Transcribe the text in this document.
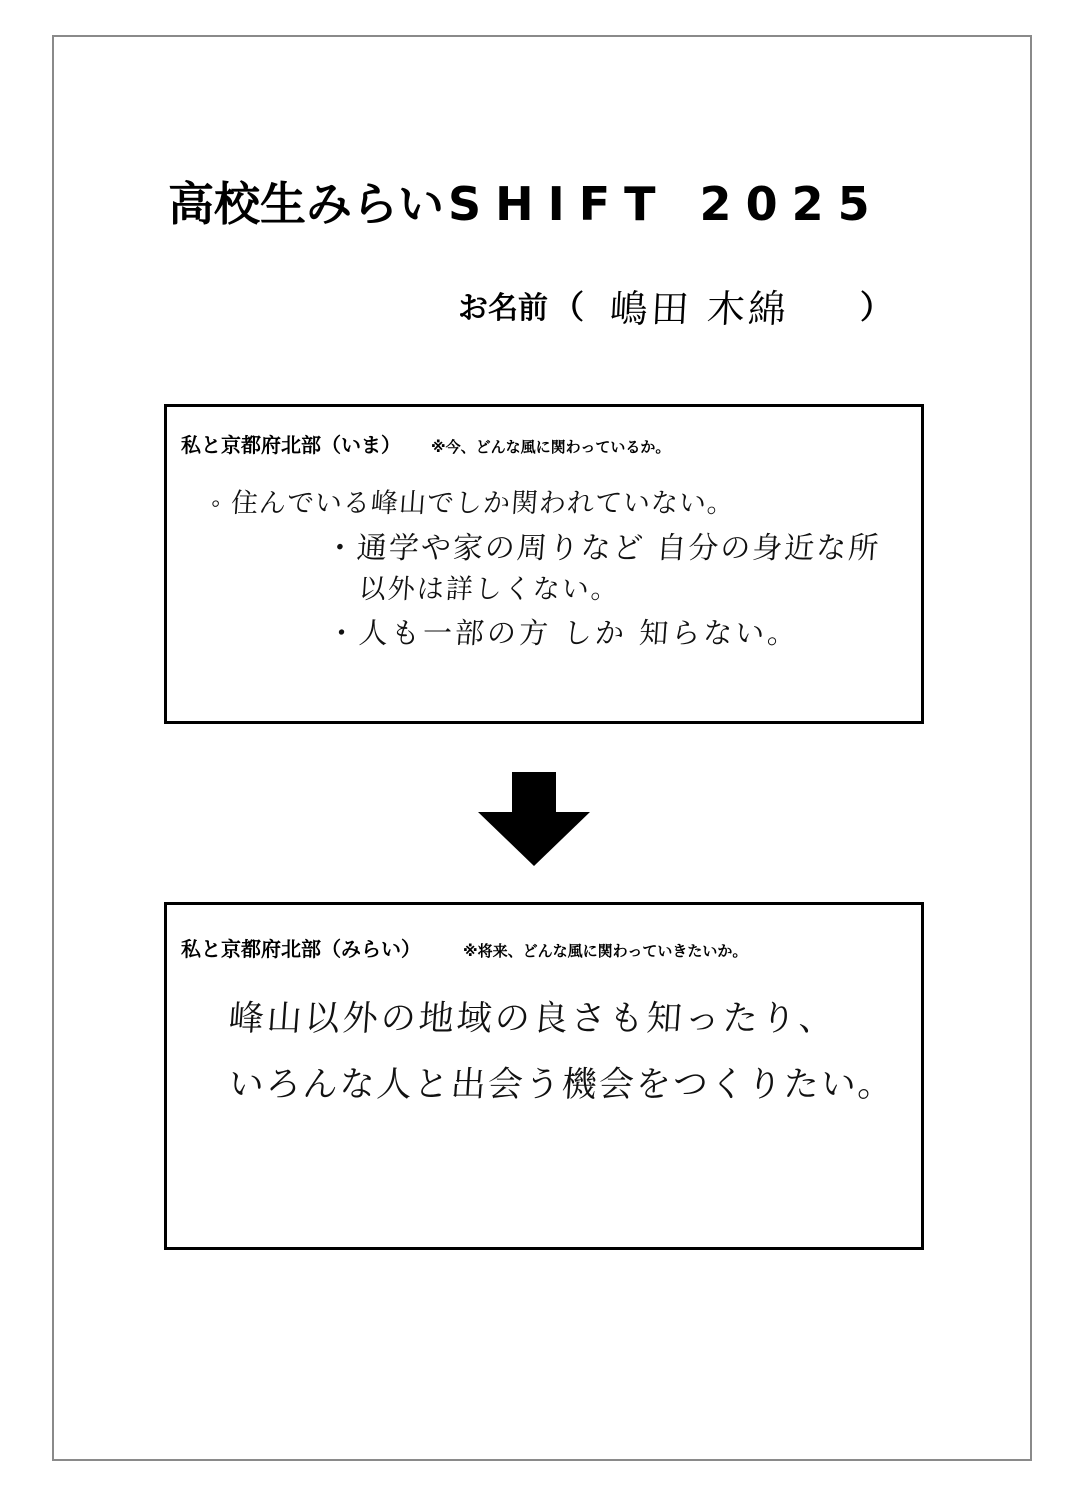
高校生みらいSHIFT 2025
お名前 （ 嶋田 木綿	）
私と京都府北部（いま） ※今、どんな風に関わっているか。
◦ 住んでいる峰山でしか関われていない。
・通学や家の周りなど 自分の身近な所
以外は詳しくない。
・人も一部の方 しか 知らない。
私と京都府北部（みらい）	※将来、どんな風に関わっていきたいか。
峰山以外の地域の良さも知ったり、
いろんな人と出会う機会をつくりたい。
